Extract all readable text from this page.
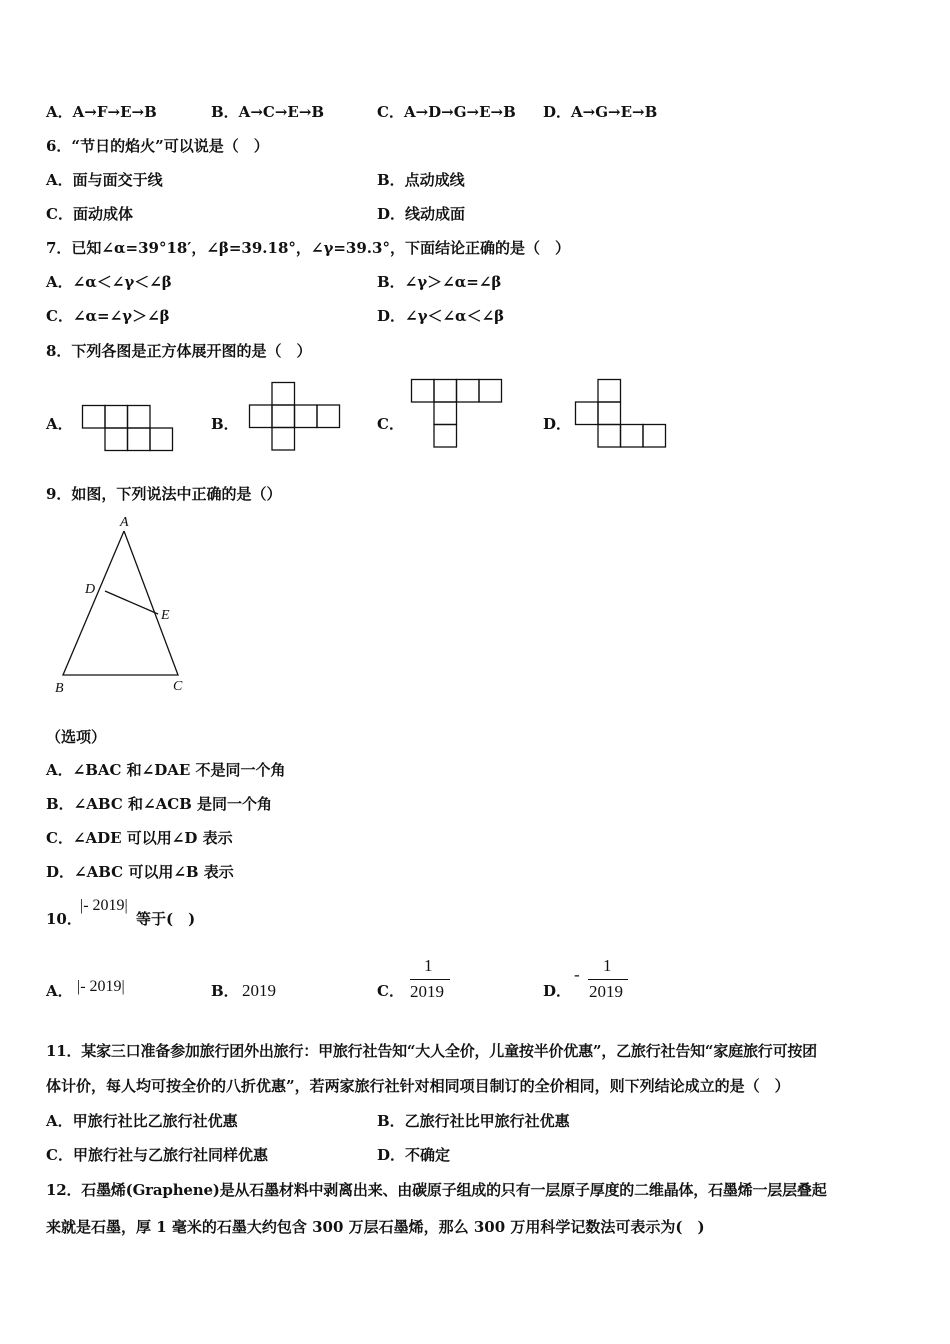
A．A→F→E→B	B．A→C→E→B	C．A→D→G→E→B D．A→G→E→B
6．“节日的焰火”可以说是（　）
A．面与面交于线	B．点动成线
C．面动成体	D．线动成面
7．已知∠α=39°18′，∠β=39.18°，∠γ=39.3°，下面结论正确的是（　）
A．∠α＜∠γ＜∠β	B．∠γ＞∠α=∠β
C．∠α=∠γ＞∠β	D．∠γ＜∠α＜∠β
8．下列各图是正方体展开图的是（　）
A．	B．	C．	D．
9．如图，下列说法中正确的是（）
A
D
E
B	C
（选项）
A．∠BAC 和∠DAE 不是同一个角
B．∠ABC 和∠ACB 是同一个角
C．∠ADE 可以用∠D 表示
D．∠ABC 可以用∠B 表示
10．
|- 2019|
等于(　)
A． |- 2019|	B． 2019	C．
1
2019	D．
- 1
2019
11．某家三口准备参加旅行团外出旅行：甲旅行社告知“大人全价，儿童按半价优惠”，乙旅行社告知“家庭旅行可按团
体计价，每人均可按全价的八折优惠”，若两家旅行社针对相同项目制订的全价相同，则下列结论成立的是（　）
A．甲旅行社比乙旅行社优惠	B．乙旅行社比甲旅行社优惠
C．甲旅行社与乙旅行社同样优惠	D．不确定
12．石墨烯(Graphene)是从石墨材料中剥离出来、由碳原子组成的只有一层原子厚度的二维晶体，石墨烯一层层叠起
来就是石墨，厚 1 毫米的石墨大约包含 300 万层石墨烯，那么 300 万用科学记数法可表示为(　)
